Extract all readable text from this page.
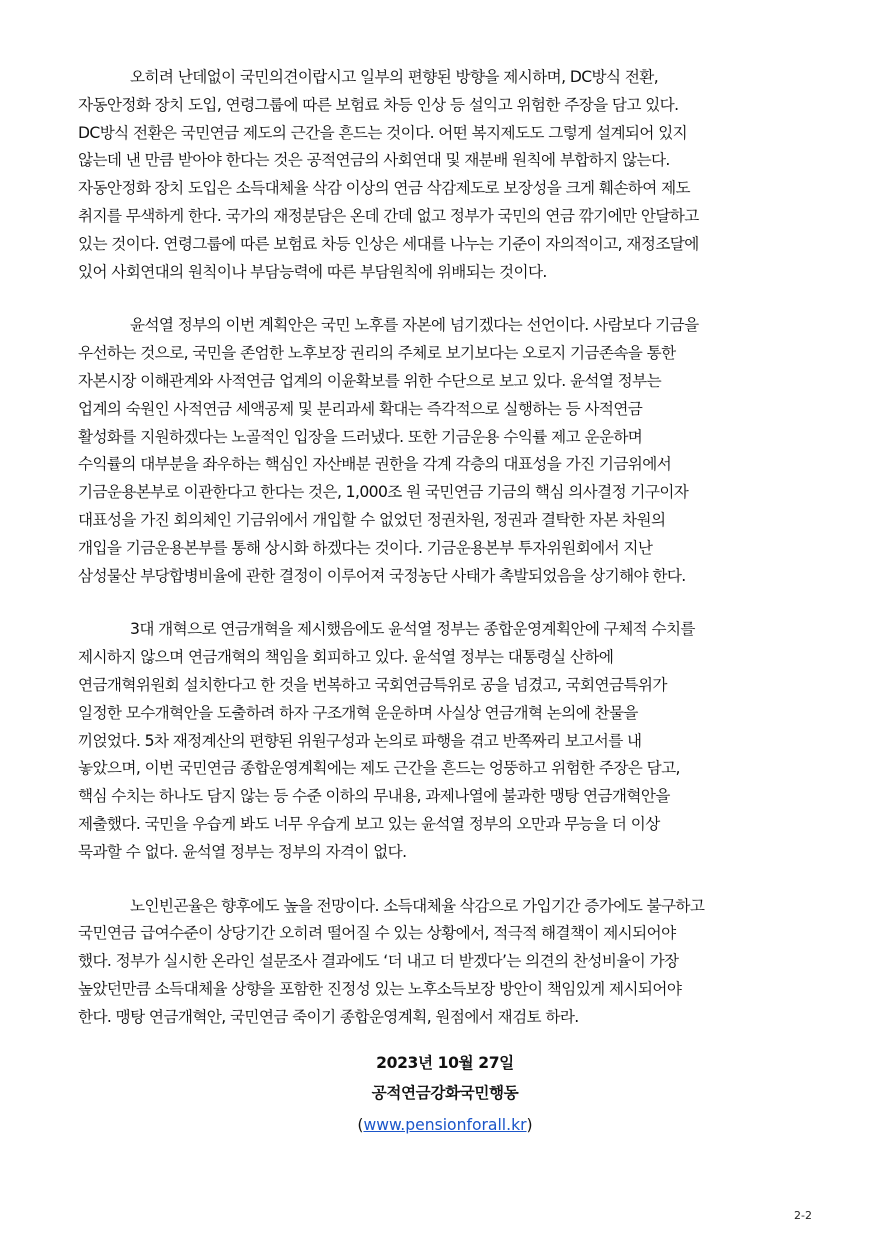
오히려 난데없이 국민의견이랍시고 일부의 편향된 방향을 제시하며, DC방식 전환,
자동안정화 장치 도입, 연령그룹에 따른 보험료 차등 인상 등 설익고 위험한 주장을 담고 있다.
DC방식 전환은 국민연금 제도의 근간을 흔드는 것이다. 어떤 복지제도도 그렇게 설계되어 있지
않는데 낸 만큼 받아야 한다는 것은 공적연금의 사회연대 및 재분배 원칙에 부합하지 않는다.
자동안정화 장치 도입은 소득대체율 삭감 이상의 연금 삭감제도로 보장성을 크게 훼손하여 제도
취지를 무색하게 한다. 국가의 재정분담은 온데 간데 없고 정부가 국민의 연금 깎기에만 안달하고
있는 것이다. 연령그룹에 따른 보험료 차등 인상은 세대를 나누는 기준이 자의적이고, 재정조달에
있어 사회연대의 원칙이나 부담능력에 따른 부담원칙에 위배되는 것이다.

윤석열 정부의 이번 계획안은 국민 노후를 자본에 넘기겠다는 선언이다. 사람보다 기금을
우선하는 것으로, 국민을 존엄한 노후보장 권리의 주체로 보기보다는 오로지 기금존속을 통한
자본시장 이해관계와 사적연금 업계의 이윤확보를 위한 수단으로 보고 있다. 윤석열 정부는
업계의 숙원인 사적연금 세액공제 및 분리과세 확대는 즉각적으로 실행하는 등 사적연금
활성화를 지원하겠다는 노골적인 입장을 드러냈다. 또한 기금운용 수익률 제고 운운하며
수익률의 대부분을 좌우하는 핵심인 자산배분 권한을 각계 각층의 대표성을 가진 기금위에서
기금운용본부로 이관한다고 한다는 것은, 1,000조 원 국민연금 기금의 핵심 의사결정 기구이자
대표성을 가진 회의체인 기금위에서 개입할 수 없었던 정권차원, 정권과 결탁한 자본 차원의
개입을 기금운용본부를 통해 상시화 하겠다는 것이다. 기금운용본부 투자위원회에서 지난
삼성물산 부당합병비율에 관한 결정이 이루어져 국정농단 사태가 촉발되었음을 상기해야 한다.

3대 개혁으로 연금개혁을 제시했음에도 윤석열 정부는 종합운영계획안에 구체적 수치를
제시하지 않으며 연금개혁의 책임을 회피하고 있다. 윤석열 정부는 대통령실 산하에
연금개혁위원회 설치한다고 한 것을 번복하고 국회연금특위로 공을 넘겼고, 국회연금특위가
일정한 모수개혁안을 도출하려 하자 구조개혁 운운하며 사실상 연금개혁 논의에 찬물을
끼얹었다. 5차 재정계산의 편향된 위원구성과 논의로 파행을 겪고 반쪽짜리 보고서를 내
놓았으며, 이번 국민연금 종합운영계획에는 제도 근간을 흔드는 엉뚱하고 위험한 주장은 담고,
핵심 수치는 하나도 담지 않는 등 수준 이하의 무내용, 과제나열에 불과한 맹탕 연금개혁안을
제출했다. 국민을 우습게 봐도 너무 우습게 보고 있는 윤석열 정부의 오만과 무능을 더 이상
묵과할 수 없다. 윤석열 정부는 정부의 자격이 없다.

노인빈곤율은 향후에도 높을 전망이다. 소득대체율 삭감으로 가입기간 증가에도 불구하고
국민연금 급여수준이 상당기간 오히려 떨어질 수 있는 상황에서, 적극적 해결책이 제시되어야
했다. 정부가 실시한 온라인 설문조사 결과에도 ‘더 내고 더 받겠다’는 의견의 찬성비율이 가장
높았던만큼 소득대체율 상향을 포함한 진정성 있는 노후소득보장 방안이 책임있게 제시되어야
한다. 맹탕 연금개혁안, 국민연금 죽이기 종합운영계획, 원점에서 재검토 하라.

2023년 10월 27일
공적연금강화국민행동
(www.pensionforall.kr)
2-2
